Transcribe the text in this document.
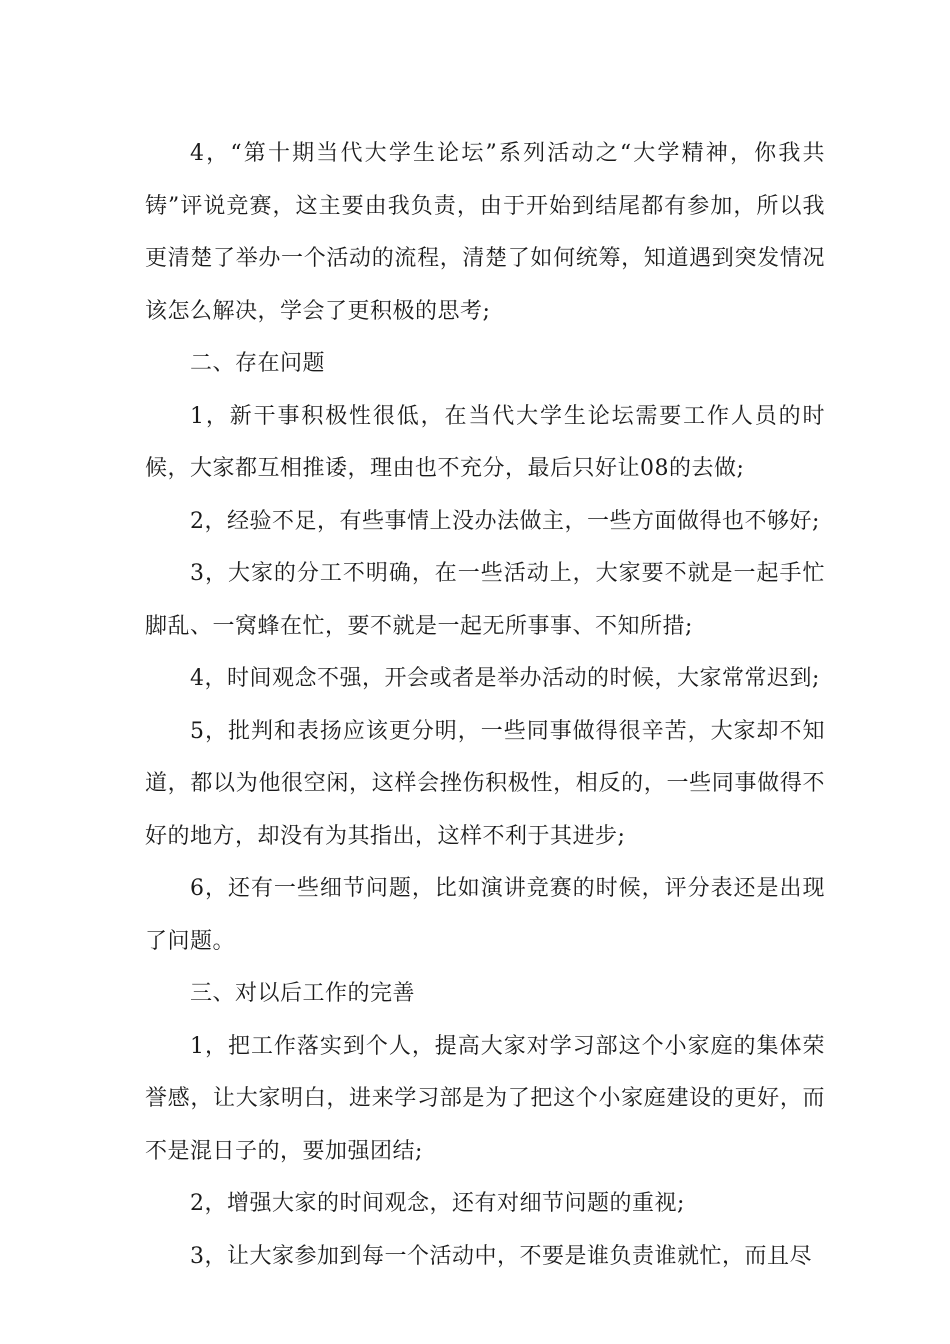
4，“第十期当代大学生论坛”系列活动之“大学精神，你我共铸”评说竞赛，这主要由我负责，由于开始到结尾都有参加，所以我更清楚了举办一个活动的流程，清楚了如何统筹，知道遇到突发情况该怎么解决，学会了更积极的思考;

二、存在问题

1，新干事积极性很低，在当代大学生论坛需要工作人员的时候，大家都互相推诿，理由也不充分，最后只好让08的去做;

2，经验不足，有些事情上没办法做主，一些方面做得也不够好;

3，大家的分工不明确，在一些活动上，大家要不就是一起手忙脚乱、一窝蜂在忙，要不就是一起无所事事、不知所措;

4，时间观念不强，开会或者是举办活动的时候，大家常常迟到;

5，批判和表扬应该更分明，一些同事做得很辛苦，大家却不知道，都以为他很空闲，这样会挫伤积极性，相反的，一些同事做得不好的地方，却没有为其指出，这样不利于其进步;

6，还有一些细节问题，比如演讲竞赛的时候，评分表还是出现了问题。

三、对以后工作的完善

1，把工作落实到个人，提高大家对学习部这个小家庭的集体荣誉感，让大家明白，进来学习部是为了把这个小家庭建设的更好，而不是混日子的，要加强团结;

2，增强大家的时间观念，还有对细节问题的重视;

3，让大家参加到每一个活动中，不要是谁负责谁就忙，而且尽
